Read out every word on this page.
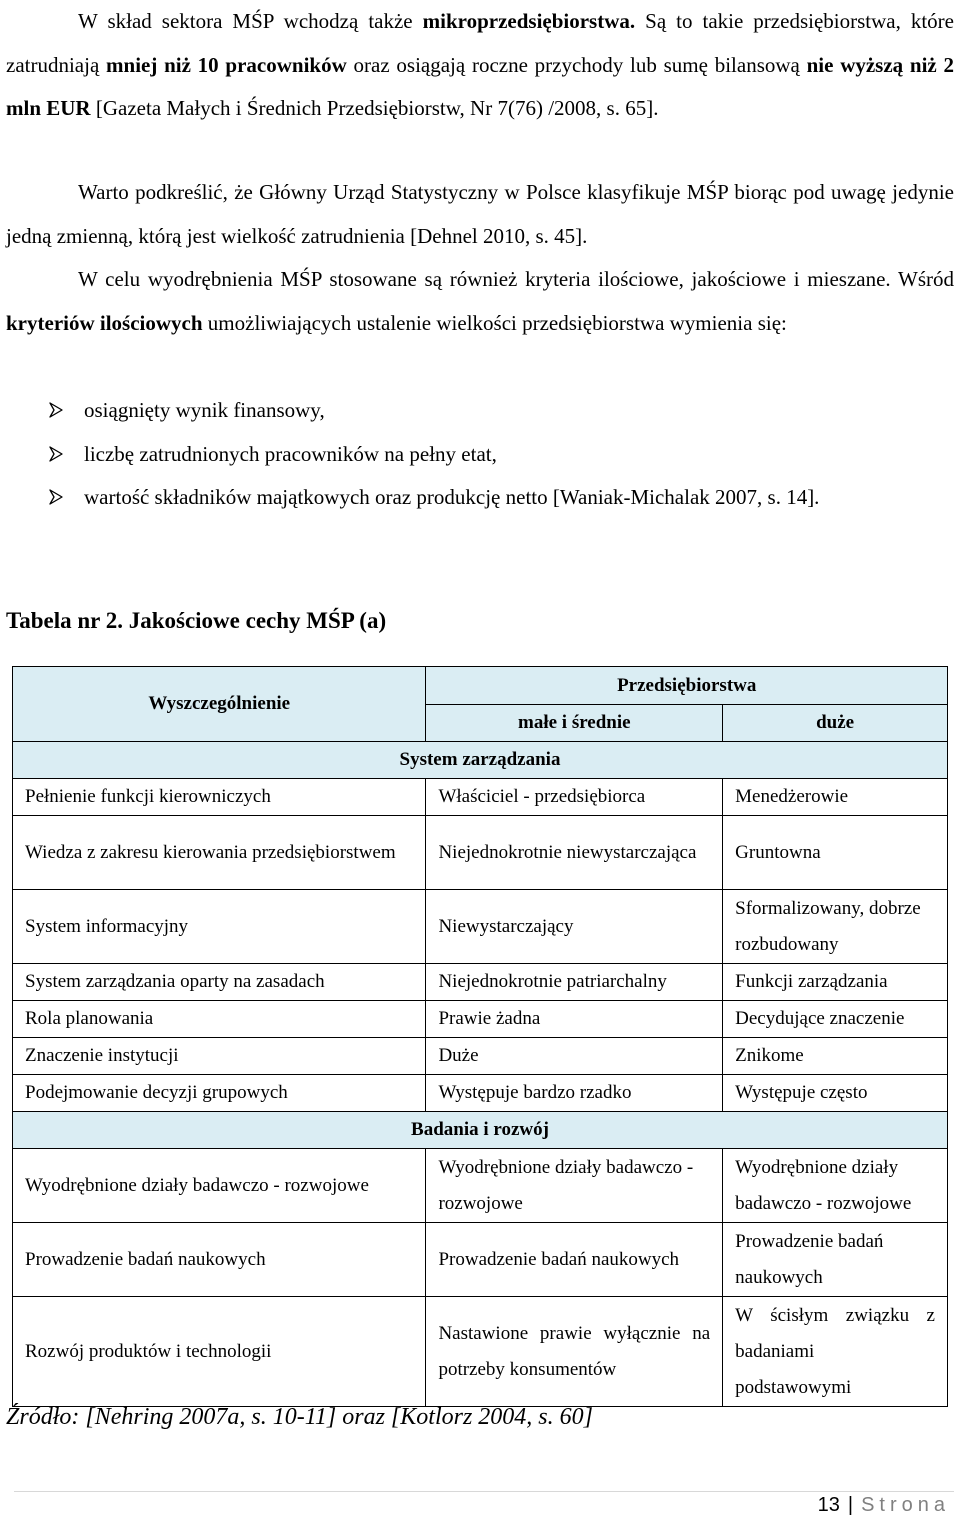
W skład sektora MŚP wchodzą także mikroprzedsiębiorstwa. Są to takie przedsiębiorstwa, które zatrudniają mniej niż 10 pracowników oraz osiągają roczne przychody lub sumę bilansową nie wyższą niż 2 mln EUR [Gazeta Małych i Średnich Przedsiębiorstw, Nr 7(76) /2008, s. 65].

Warto podkreślić, że Główny Urząd Statystyczny w Polsce klasyfikuje MŚP biorąc pod uwagę jedynie jedną zmienną, którą jest wielkość zatrudnienia [Dehnel 2010, s. 45].

W celu wyodrębnienia MŚP stosowane są również kryteria ilościowe, jakościowe i mieszane. Wśród kryteriów ilościowych umożliwiających ustalenie wielkości przedsiębiorstwa wymienia się:

osiągnięty wynik finansowy,
liczbę zatrudnionych pracowników na pełny etat,
wartość składników majątkowych oraz produkcję netto [Waniak-Michalak 2007, s. 14].
Tabela nr 2. Jakościowe cechy MŚP (a)
Wyszczególnienie	Przedsiębiorstwa	
	małe i średnie	duże
System zarządzania		
Pełnienie funkcji kierowniczych	Właściciel - przedsiębiorca	Menedżerowie
Wiedza z zakresu kierowania przedsiębiorstwem	Niejednokrotnie niewystarczająca	Gruntowna
System informacyjny	Niewystarczający	Sformalizowany, dobrze rozbudowany
System zarządzania oparty na zasadach	Niejednokrotnie patriarchalny	Funkcji zarządzania
Rola planowania	Prawie żadna	Decydujące znaczenie
Znaczenie instytucji	Duże	Znikome
Podejmowanie decyzji grupowych	Występuje bardzo rzadko	Występuje często
Badania i rozwój		
Wyodrębnione działy badawczo - rozwojowe	Wyodrębnione działy badawczo - rozwojowe	Wyodrębnione działy badawczo - rozwojowe
Prowadzenie badań naukowych	Prowadzenie badań naukowych	Prowadzenie badań naukowych
Rozwój produktów i technologii	Nastawione prawie wyłącznie na potrzeby konsumentów	W ścisłym związku z badaniami podstawowymi

Źródło: [Nehring 2007a, s. 10-11] oraz [Kotlorz 2004, s. 60]

13 | Strona
